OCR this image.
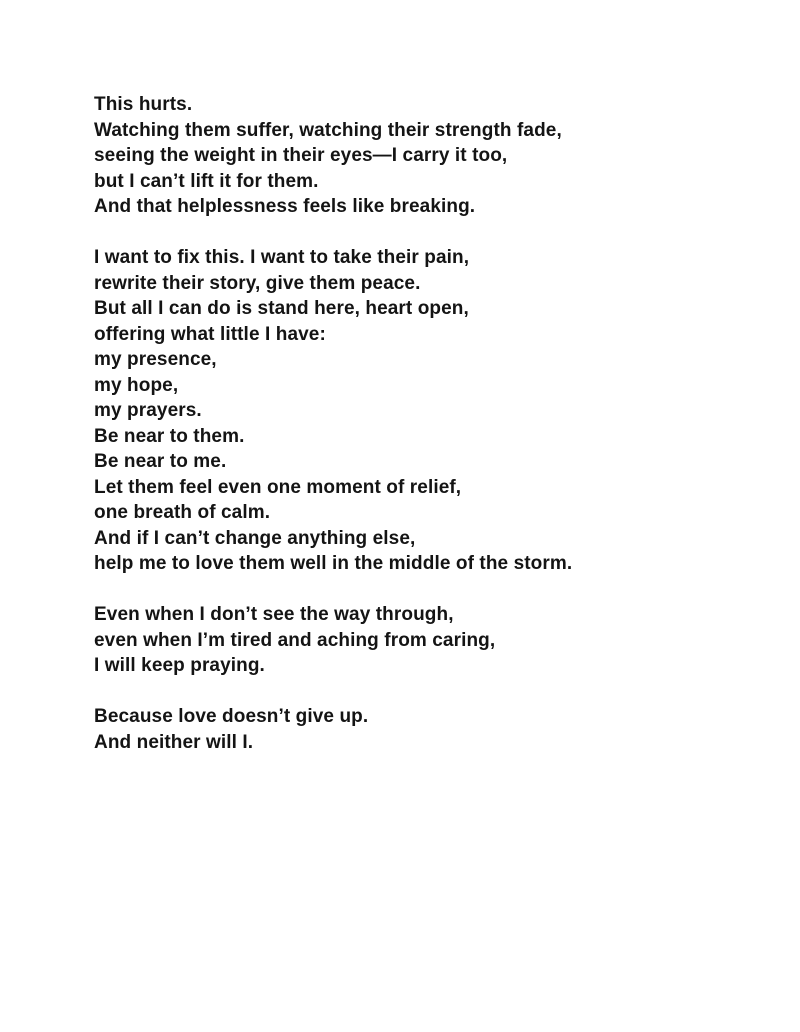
This hurts.
Watching them suffer, watching their strength fade,
seeing the weight in their eyes—I carry it too,
but I can’t lift it for them.
And that helplessness feels like breaking.
I want to fix this. I want to take their pain,
rewrite their story, give them peace.
But all I can do is stand here, heart open,
offering what little I have:
my presence,
my hope,
my prayers.
Be near to them.
Be near to me.
Let them feel even one moment of relief,
one breath of calm.
And if I can’t change anything else,
help me to love them well in the middle of the storm.
Even when I don’t see the way through,
even when I’m tired and aching from caring,
I will keep praying.
Because love doesn’t give up.
And neither will I.
